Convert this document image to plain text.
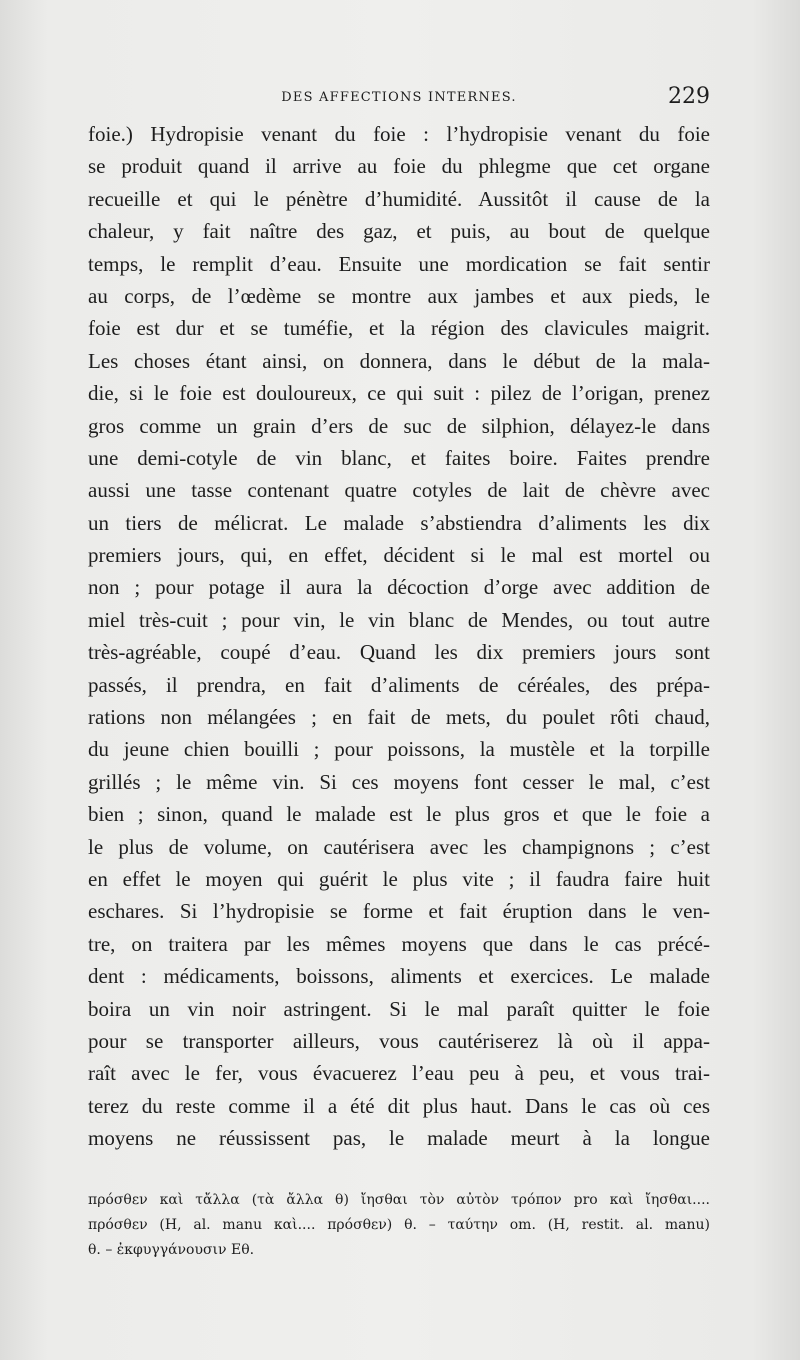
DES AFFECTIONS INTERNES.	229
foie.) Hydropisie venant du foie : l’hydropisie venant du foie
se produit quand il arrive au foie du phlegme que cet organe
recueille et qui le pénètre d’humidité. Aussitôt il cause de la
chaleur, y fait naître des gaz, et puis, au bout de quelque
temps, le remplit d’eau. Ensuite une mordication se fait sentir
au corps, de l’œdème se montre aux jambes et aux pieds, le
foie est dur et se tuméfie, et la région des clavicules maigrit.
Les choses étant ainsi, on donnera, dans le début de la mala-
die, si le foie est douloureux, ce qui suit : pilez de l’origan, prenez
gros comme un grain d’ers de suc de silphion, délayez-le dans
une demi-cotyle de vin blanc, et faites boire. Faites prendre
aussi une tasse contenant quatre cotyles de lait de chèvre avec
un tiers de mélicrat. Le malade s’abstiendra d’aliments les dix
premiers jours, qui, en effet, décident si le mal est mortel ou
non ; pour potage il aura la décoction d’orge avec addition de
miel très-cuit ; pour vin, le vin blanc de Mendes, ou tout autre
très-agréable, coupé d’eau. Quand les dix premiers jours sont
passés, il prendra, en fait d’aliments de céréales, des prépa-
rations non mélangées ; en fait de mets, du poulet rôti chaud,
du jeune chien bouilli ; pour poissons, la mustèle et la torpille
grillés ; le même vin. Si ces moyens font cesser le mal, c’est
bien ; sinon, quand le malade est le plus gros et que le foie a
le plus de volume, on cautérisera avec les champignons ; c’est
en effet le moyen qui guérit le plus vite ; il faudra faire huit
eschares. Si l’hydropisie se forme et fait éruption dans le ven-
tre, on traitera par les mêmes moyens que dans le cas précé-
dent : médicaments, boissons, aliments et exercices. Le malade
boira un vin noir astringent. Si le mal paraît quitter le foie
pour se transporter ailleurs, vous cautériserez là où il appa-
raît avec le fer, vous évacuerez l’eau peu à peu, et vous trai-
terez du reste comme il a été dit plus haut. Dans le cas où ces
moyens ne réussissent pas, le malade meurt à la longue
πρόσθεν καὶ τἄλλα (τὰ ἄλλα θ) ἴησθαι τὸν αὐτὸν τρόπον pro καὶ ἴησθαι....
πρόσθεν (H, al. manu καὶ.... πρόσθεν) θ. – ταύτην om. (H, restit. al. manu)
θ. – ἐκφυγγάνουσιν Εθ.
